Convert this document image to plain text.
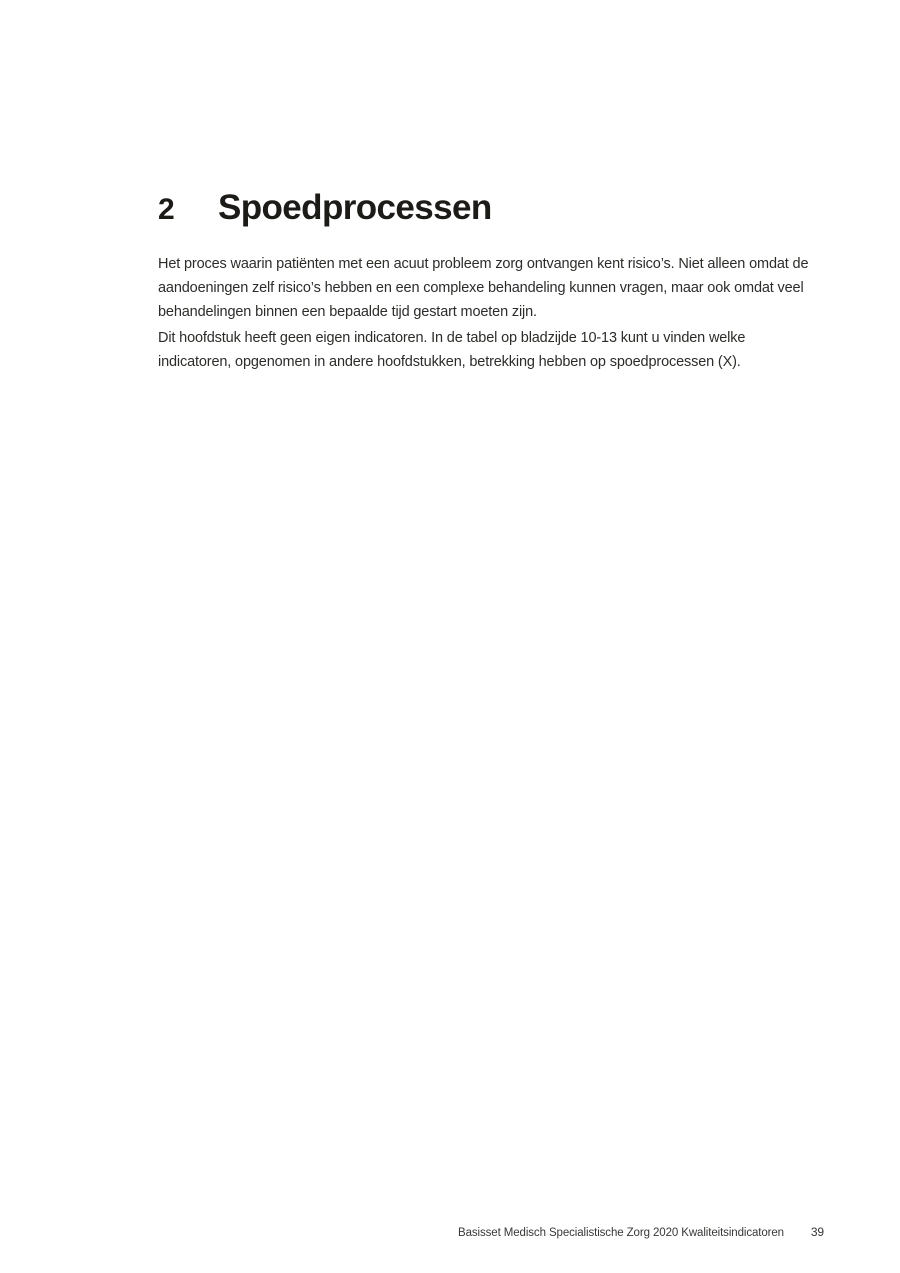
2 Spoedprocessen

Het proces waarin patiënten met een acuut probleem zorg ontvangen kent risico’s. Niet alleen omdat de aandoeningen zelf risico’s hebben en een complexe behandeling kunnen vragen, maar ook omdat veel behandelingen binnen een bepaalde tijd gestart moeten zijn.

Dit hoofdstuk heeft geen eigen indicatoren. In de tabel op bladzijde 10-13 kunt u vinden welke indicatoren, opgenomen in andere hoofdstukken, betrekking hebben op spoedprocessen (X).

Basisset Medisch Specialistische Zorg 2020 Kwaliteitsindicatoren 39
